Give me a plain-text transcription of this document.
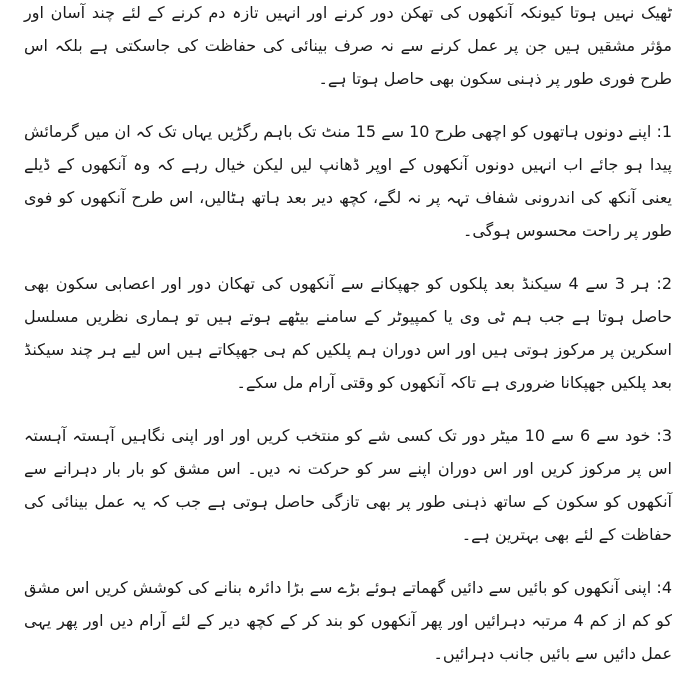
ٹھیک نہیں ہوتا کیونکہ آنکھوں کی تھکن دور کرنے اور انہیں تازہ دم کرنے کے لئے چند آسان اور مؤثر مشقیں ہیں جن پر عمل کرنے سے نہ صرف بینائی کی حفاظت کی جاسکتی ہے بلکہ اس طرح فوری طور پر ذہنی سکون بھی حاصل ہوتا ہے۔

1: اپنے دونوں ہاتھوں کو اچھی طرح 10 سے 15 منٹ تک باہم رگڑیں یہاں تک کہ ان میں گرمائش پیدا ہو جائے اب انہیں دونوں آنکھوں کے اوپر ڈھانپ لیں لیکن خیال رہے کہ وہ آنکھوں کے ڈیلے یعنی آنکھ کی اندرونی شفاف تہہ پر نہ لگے، کچھ دیر بعد ہاتھ ہٹالیں، اس طرح آنکھوں کو فوی طور پر راحت محسوس ہوگی۔

2: ہر 3 سے 4 سیکنڈ بعد پلکوں کو جھپکانے سے آنکھوں کی تھکان دور اور اعصابی سکون بھی حاصل ہوتا ہے جب ہم ٹی وی یا کمپیوٹر کے سامنے بیٹھے ہوتے ہیں تو ہماری نظریں مسلسل اسکرین پر مرکوز ہوتی ہیں اور اس دوران ہم پلکیں کم ہی جھپکاتے ہیں اس لیے ہر چند سیکنڈ بعد پلکیں جھپکانا ضروری ہے تاکہ آنکھوں کو وقتی آرام مل سکے۔

3: خود سے 6 سے 10 میٹر دور تک کسی شے کو منتخب کریں اور اور اپنی نگاہیں آہستہ آہستہ اس پر مرکوز کریں اور اس دوران اپنے سر کو حرکت نہ دیں۔ اس مشق کو بار بار دہرانے سے آنکھوں کو سکون کے ساتھ ذہنی طور پر بھی تازگی حاصل ہوتی ہے جب کہ یہ عمل بینائی کی حفاظت کے لئے بھی بہترین ہے۔

4: اپنی آنکھوں کو بائیں سے دائیں گھماتے ہوئے بڑے سے بڑا دائرہ بنانے کی کوشش کریں اس مشق کو کم از کم 4 مرتبہ دہرائیں اور پھر آنکھوں کو بند کر کے کچھ دیر کے لئے آرام دیں اور پھر یہی عمل دائیں سے بائیں جانب دہرائیں۔
